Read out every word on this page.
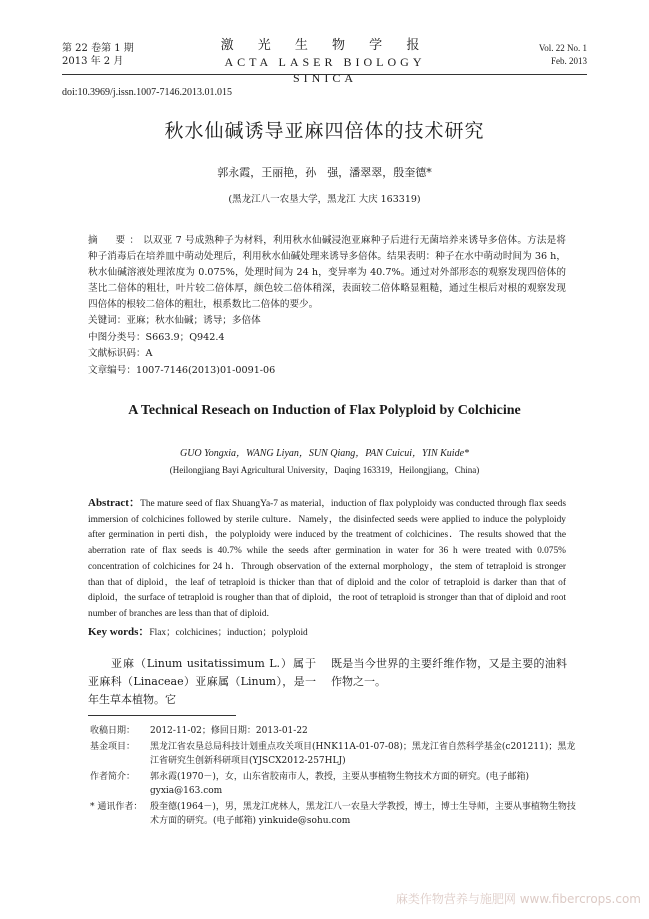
第 22 卷第 1 期
2013 年 2 月
激 光 生 物 学 报
ACTA LASER BIOLOGY SINICA
Vol. 22 No. 1
Feb. 2013
doi:10.3969/j.issn.1007-7146.2013.01.015
秋水仙碱诱导亚麻四倍体的技术研究
郭永霞，王丽艳，孙　强，潘翠翠，殷奎德*
(黑龙江八一农垦大学，黑龙江 大庆 163319)
摘　要：以双亚 7 号成熟种子为材料，利用秋水仙碱浸泡亚麻种子后进行无菌培养来诱导多倍体。方法是将种子消毒后在培养皿中萌动处理后，利用秋水仙碱处理来诱导多倍体。结果表明：种子在水中萌动时间为 36 h，秋水仙碱溶液处理浓度为 0.075%，处理时间为 24 h，变异率为 40.7%。通过对外部形态的观察发现四倍体的茎比二倍体的粗壮，叶片较二倍体厚，颜色较二倍体稍深，表面较二倍体略显粗糙，通过生根后对根的观察发现四倍体的根较二倍体的粗壮，根系数比二倍体的要少。
关键词：亚麻；秋水仙碱；诱导；多倍体
中图分类号：S663.9；Q942.4
文献标识码：A
文章编号：1007-7146(2013)01-0091-06
A Technical Reseach on Induction of Flax Polyploid by Colchicine
GUO Yongxia，WANG Liyan，SUN Qiang，PAN Cuicui，YIN Kuide*
(Heilongjiang Bayi Agricultural University，Daqing 163319，Heilongjiang，China)
Abstract：The mature seed of flax ShuangYa-7 as material，induction of flax polyploidy was conducted through flax seeds immersion of colchicines followed by sterile culture．Namely，the disinfected seeds were applied to induce the polyploidy after germination in perti dish，the polyploidy were induced by the treatment of colchicines．The results showed that the aberration rate of flax seeds is 40.7% while the seeds after germination in water for 36 h were treated with 0.075% concentration of colchicines for 24 h．Through observation of the external morphology，the stem of tetraploid is stronger than that of diploid，the leaf of tetraploid is thicker than that of diploid and the color of tetraploid is darker than that of diploid，the surface of tetraploid is rougher than that of diploid，the root of tetraploid is stronger than that of diploid and root number of branches are less than that of diploid.
Key words：Flax；colchicines；induction；polyploid
亚麻（Linum usitatissimum L.）属于亚麻科（Linaceae）亚麻属（Linum），是一年生草本植物。它
既是当今世界的主要纤维作物，又是主要的油料作物之一。
收稿日期： 2012-11-02；修回日期：2013-01-22
基金项目： 黑龙江省农垦总局科技计划重点攻关项目(HNK11A-01-07-08)；黑龙江省自然科学基金(c201211)；黑龙江省研究生创新科研项目(YJSCX2012-257HLJ)
作者简介： 郭永霞(1970－)，女，山东省胶南市人，教授，主要从事植物生物技术方面的研究。(电子邮箱) gyxia@163.com
* 通讯作者： 殷奎德(1964－)，男，黑龙江虎林人，黑龙江八一农垦大学教授，博士，博士生导师，主要从事植物生物技术方面的研究。(电子邮箱) yinkuide@sohu.com
麻类作物营养与施肥网 www.fibercrops.com
